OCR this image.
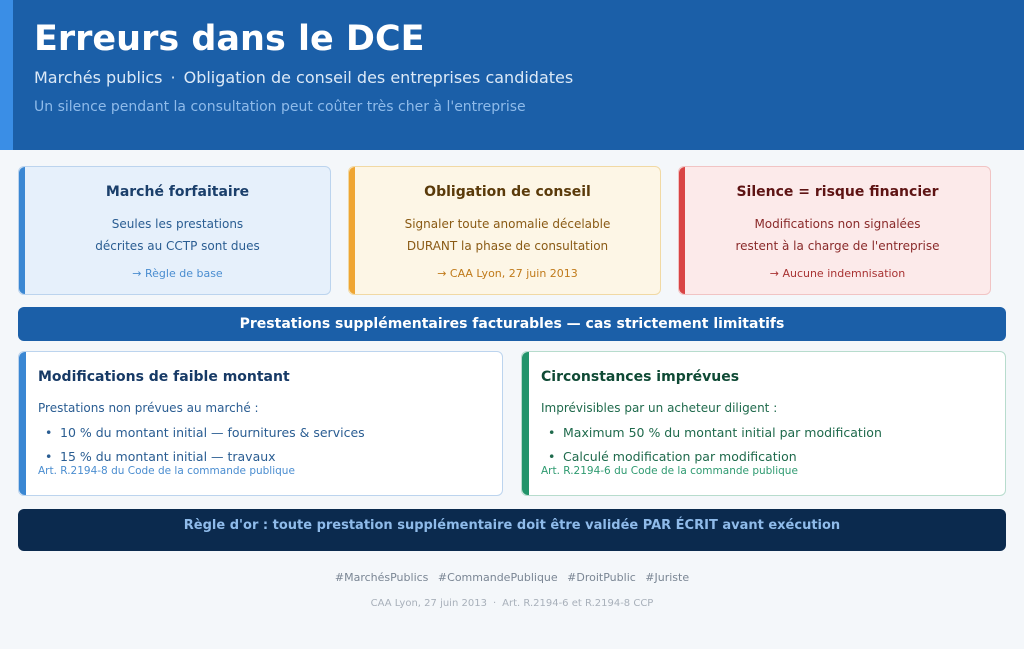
Erreurs dans le DCE
Marchés publics · Obligation de conseil des entreprises candidates
Un silence pendant la consultation peut coûter très cher à l'entreprise
Marché forfaitaire
Seules les prestations
décrites au CCTP sont dues
→ Règle de base
Obligation de conseil
Signaler toute anomalie décelable
DURANT la phase de consultation
→ CAA Lyon, 27 juin 2013
Silence = risque financier
Modifications non signalées
restent à la charge de l'entreprise
→ Aucune indemnisation
Prestations supplémentaires facturables — cas strictement limitatifs
Modifications de faible montant
Prestations non prévues au marché :
• 10 % du montant initial — fournitures & services
• 15 % du montant initial — travaux
Art. R.2194-8 du Code de la commande publique
Circonstances imprévues
Imprévisibles par un acheteur diligent :
• Maximum 50 % du montant initial par modification
• Calculé modification par modification
Art. R.2194-6 du Code de la commande publique
Règle d'or : toute prestation supplémentaire doit être validée PAR ÉCRIT avant exécution
#MarchésPublics #CommandePublique #DroitPublic #Juriste
CAA Lyon, 27 juin 2013 · Art. R.2194-6 et R.2194-8 CCP
